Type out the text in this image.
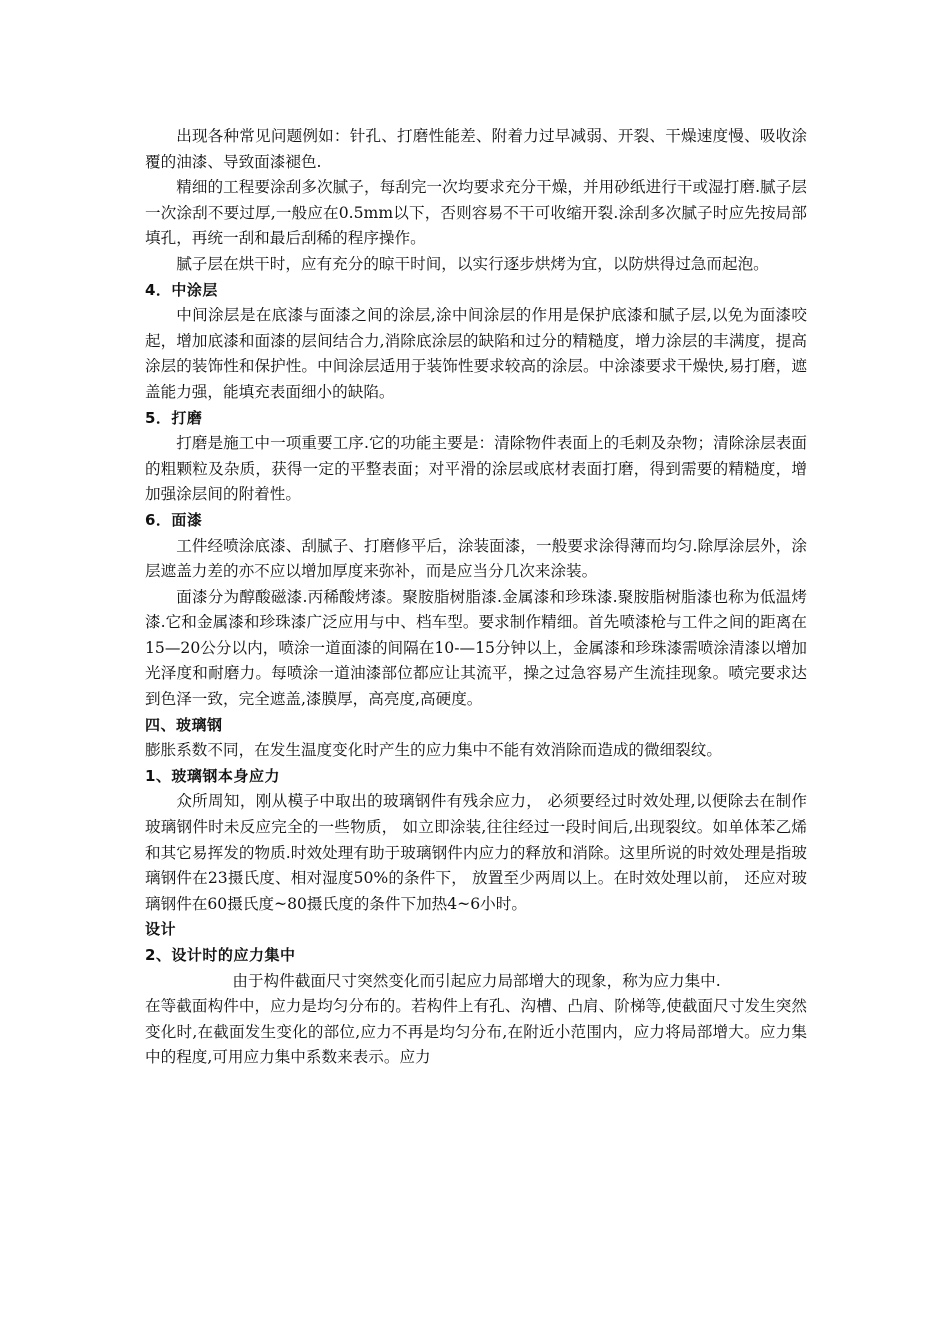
出现各种常见问题例如：针孔、打磨性能差、附着力过早减弱、开裂、干燥速度慢、吸收涂覆的油漆、导致面漆褪色.

精细的工程要涂刮多次腻子，每刮完一次均要求充分干燥，并用砂纸进行干或湿打磨.腻子层一次涂刮不要过厚,一般应在0.5mm以下，否则容易不干可收缩开裂.涂刮多次腻子时应先按局部填孔，再统一刮和最后刮稀的程序操作。

腻子层在烘干时，应有充分的晾干时间，以实行逐步烘烤为宜，以防烘得过急而起泡。

4．中涂层

中间涂层是在底漆与面漆之间的涂层,涂中间涂层的作用是保护底漆和腻子层,以免为面漆咬起，增加底漆和面漆的层间结合力,消除底涂层的缺陷和过分的精糙度，增力涂层的丰满度，提高涂层的装饰性和保护性。中间涂层适用于装饰性要求较高的涂层。中涂漆要求干燥快,易打磨，遮盖能力强，能填充表面细小的缺陷。

5．打磨

打磨是施工中一项重要工序.它的功能主要是：清除物件表面上的毛刺及杂物；清除涂层表面的粗颗粒及杂质，获得一定的平整表面；对平滑的涂层或底材表面打磨，得到需要的精糙度，增加强涂层间的附着性。

6．面漆

工件经喷涂底漆、刮腻子、打磨修平后，涂装面漆，一般要求涂得薄而均匀.除厚涂层外，涂层遮盖力差的亦不应以增加厚度来弥补，而是应当分几次来涂装。

面漆分为醇酸磁漆.丙稀酸烤漆。聚胺脂树脂漆.金属漆和珍珠漆.聚胺脂树脂漆也称为低温烤漆.它和金属漆和珍珠漆广泛应用与中、档车型。要求制作精细。首先喷漆枪与工件之间的距离在15—20公分以内，喷涂一道面漆的间隔在10-—15分钟以上，金属漆和珍珠漆需喷涂清漆以增加光泽度和耐磨力。每喷涂一道油漆部位都应让其流平，操之过急容易产生流挂现象。喷完要求达到色泽一致，完全遮盖,漆膜厚，高亮度,高硬度。

四、玻璃钢

膨胀系数不同，在发生温度变化时产生的应力集中不能有效消除而造成的微细裂纹。

1、玻璃钢本身应力

众所周知，刚从模子中取出的玻璃钢件有残余应力， 必须要经过时效处理,以便除去在制作玻璃钢件时未反应完全的一些物质， 如立即涂装,往往经过一段时间后,出现裂纹。如单体苯乙烯和其它易挥发的物质.时效处理有助于玻璃钢件内应力的释放和消除。这里所说的时效处理是指玻璃钢件在23摄氏度、相对湿度50%的条件下， 放置至少两周以上。在时效处理以前， 还应对玻璃钢件在60摄氏度~80摄氏度的条件下加热4~6小时。

设计

2、设计时的应力集中

由于构件截面尺寸突然变化而引起应力局部增大的现象，称为应力集中.

在等截面构件中，应力是均匀分布的。若构件上有孔、沟槽、凸肩、阶梯等,使截面尺寸发生突然变化时,在截面发生变化的部位,应力不再是均匀分布,在附近小范围内，应力将局部增大。应力集中的程度,可用应力集中系数来表示。应力
